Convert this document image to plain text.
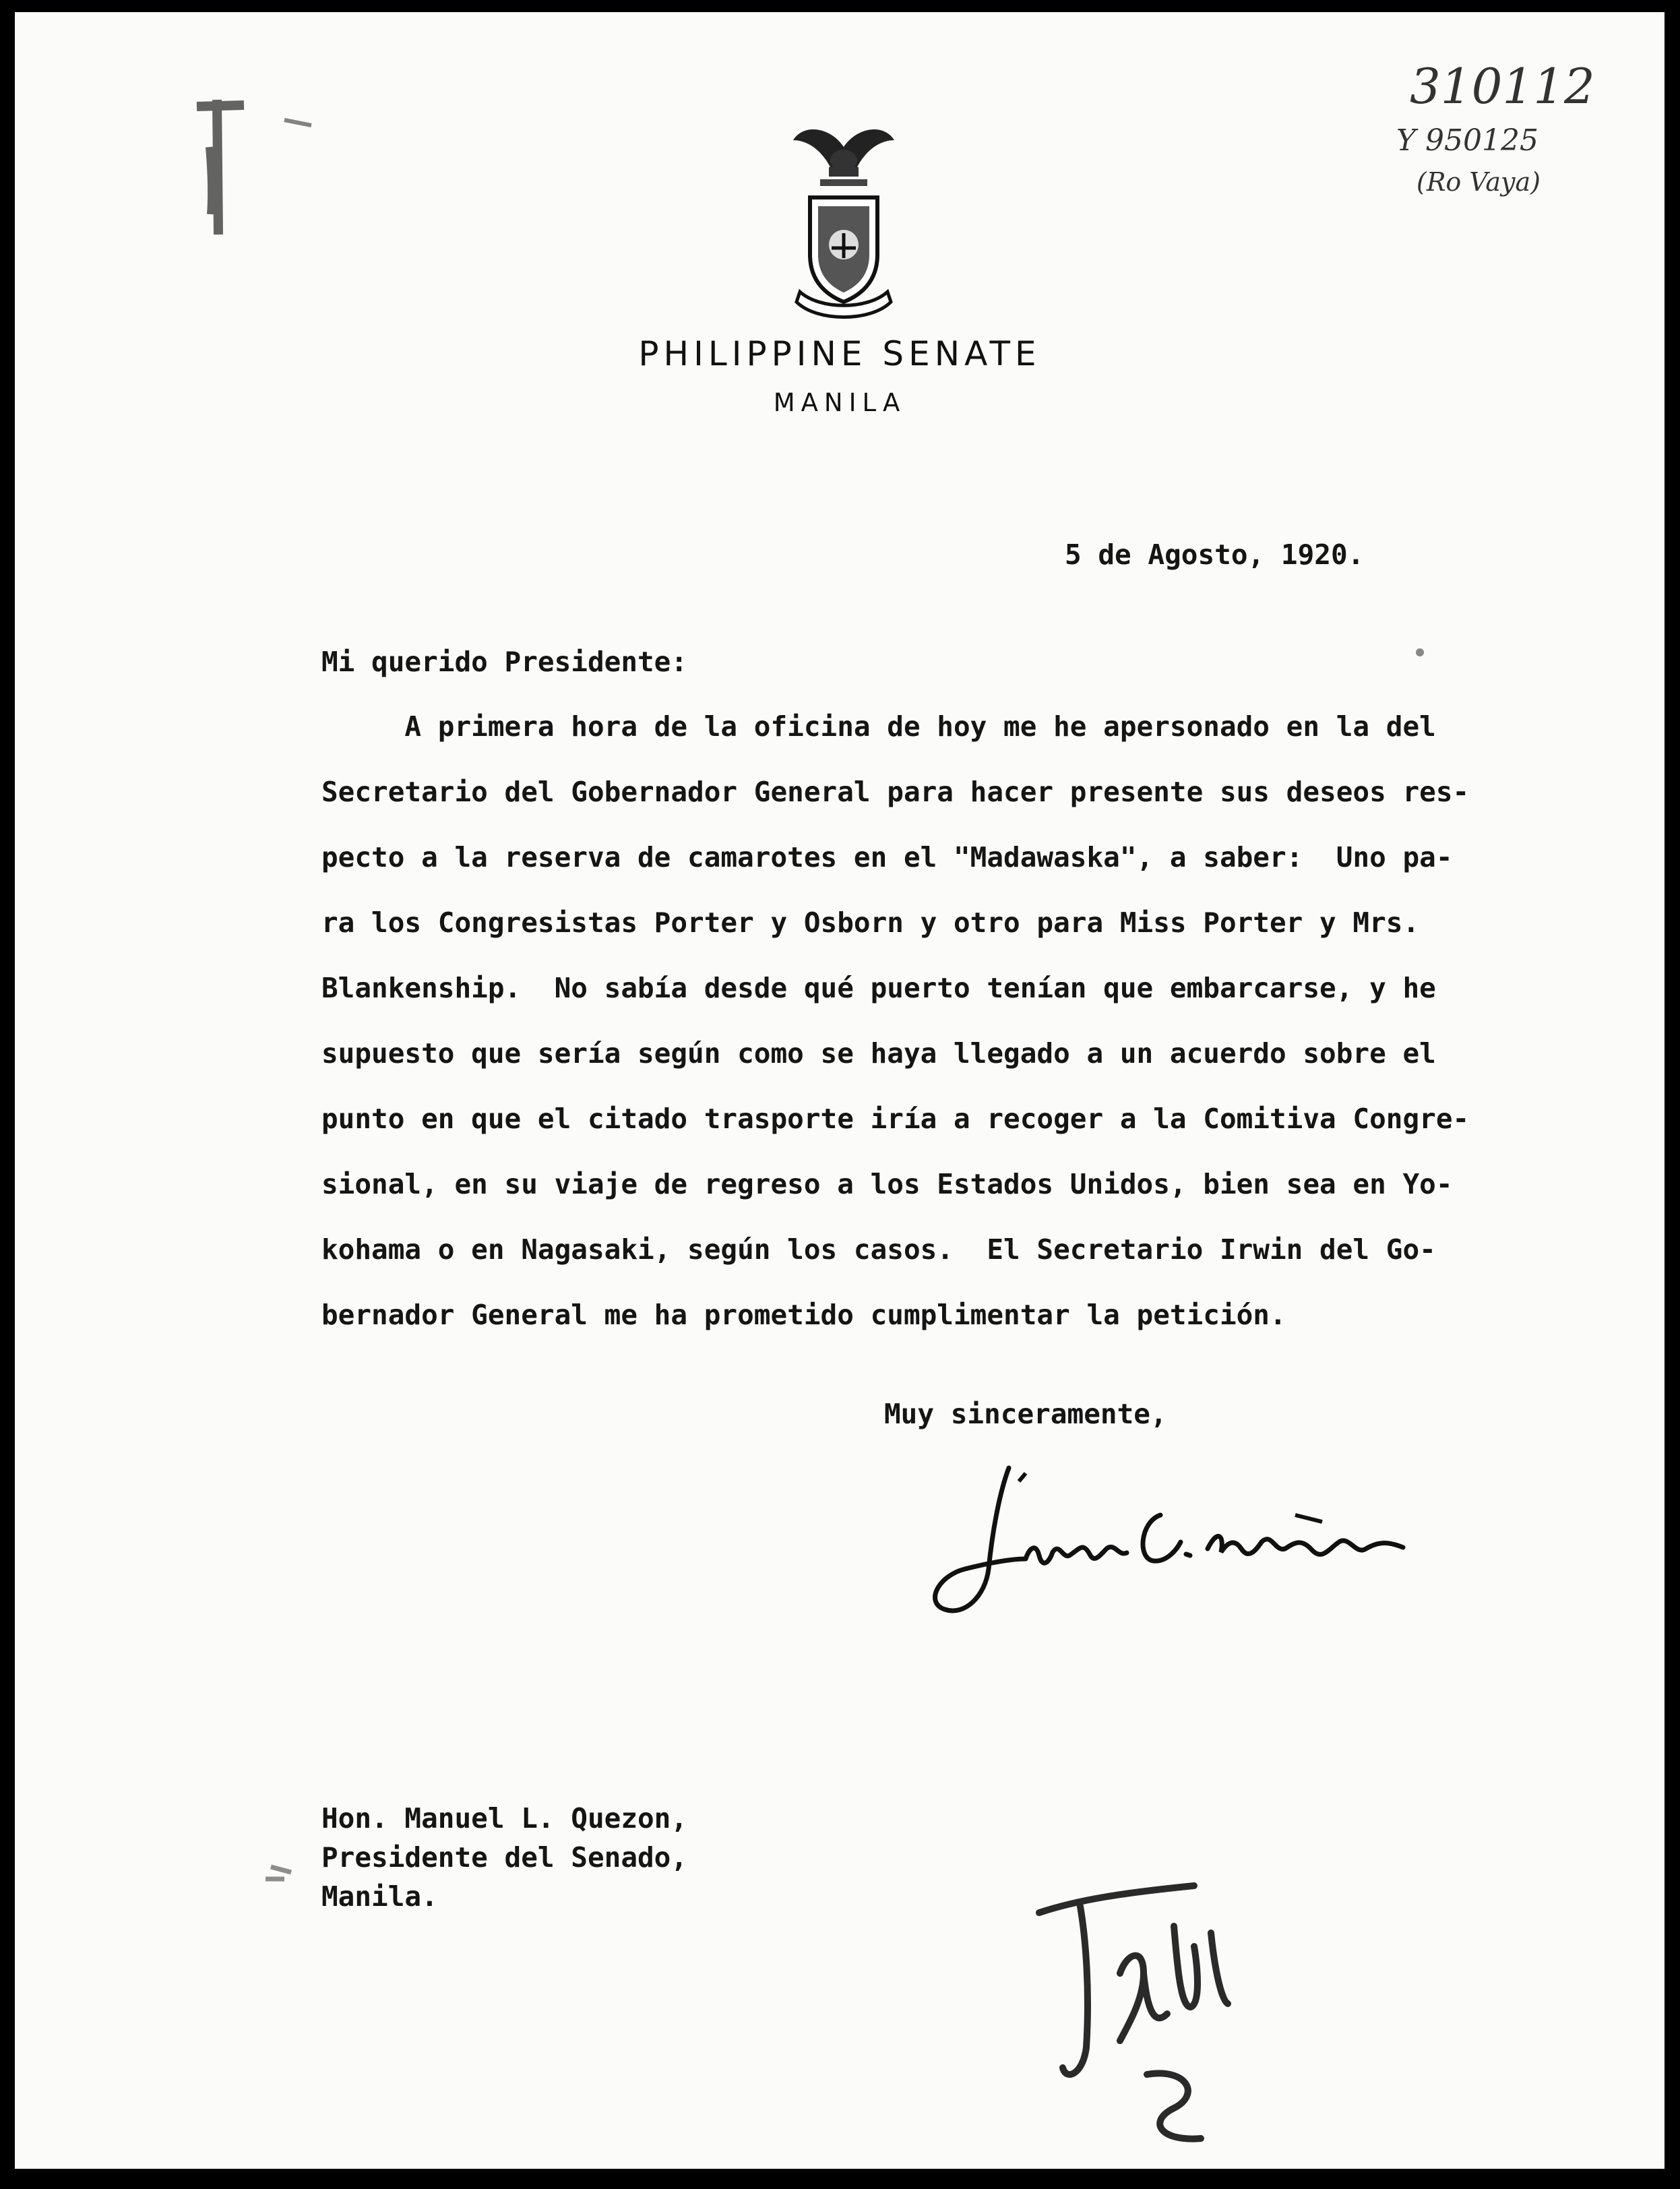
310112
Y 950125
(Ro Vaya)
PHILIPPINE SENATE
MANILA
5 de Agosto, 1920.
Mi querido Presidente:
A primera hora de la oficina de hoy me he apersonado en la del
Secretario del Gobernador General para hacer presente sus deseos res-
pecto a la reserva de camarotes en el "Madawaska", a saber:  Uno pa-
ra los Congresistas Porter y Osborn y otro para Miss Porter y Mrs.
Blankenship.  No sabía desde qué puerto tenían que embarcarse, y he
supuesto que sería según como se haya llegado a un acuerdo sobre el
punto en que el citado trasporte iría a recoger a la Comitiva Congre-
sional, en su viaje de regreso a los Estados Unidos, bien sea en Yo-
kohama o en Nagasaki, según los casos.  El Secretario Irwin del Go-
bernador General me ha prometido cumplimentar la petición.
Muy sinceramente,
Hon. Manuel L. Quezon,
Presidente del Senado,
Manila.
